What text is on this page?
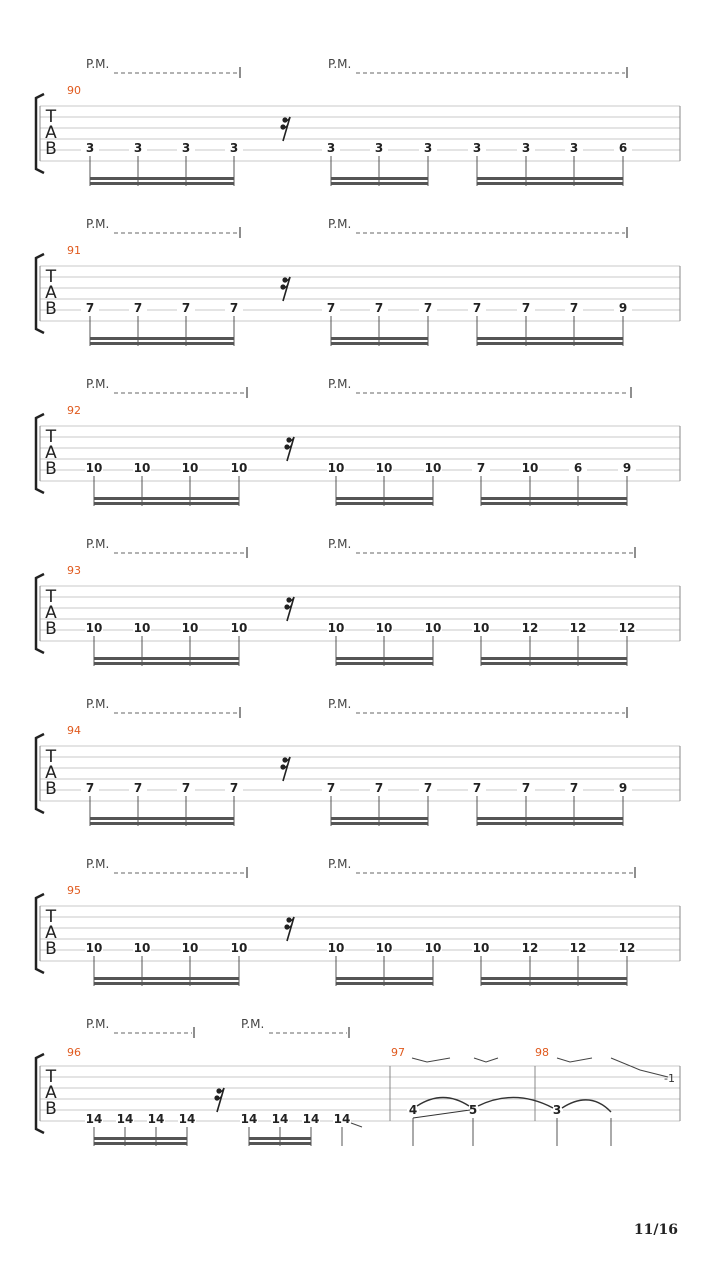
P.M.	P.M.
90
T
A
B 3	3	3	3	3	3	3	3	3	3	6
P.M.	P.M.
91
T
A
B 7	7	7	7	7	7	7	7	7	7	9
P.M.	P.M.
92
T
A
B 10	10	10	10	10	10	10	7	10	6	9
P.M.	P.M.
93
T
A
B 10	10	10	10	10	10	10	10	12	12	12
P.M.	P.M.
94
T
A
B 7	7	7	7	7	7	7	7	7	7	9
P.M.	P.M.
95
T
A
B 10	10	10	10	10	10	10	10	12	12	12
P.M.	P.M.
96	97	98
T
A
B 14 14 14 14	14 14 14 14
4	5	3
-1
11/16
